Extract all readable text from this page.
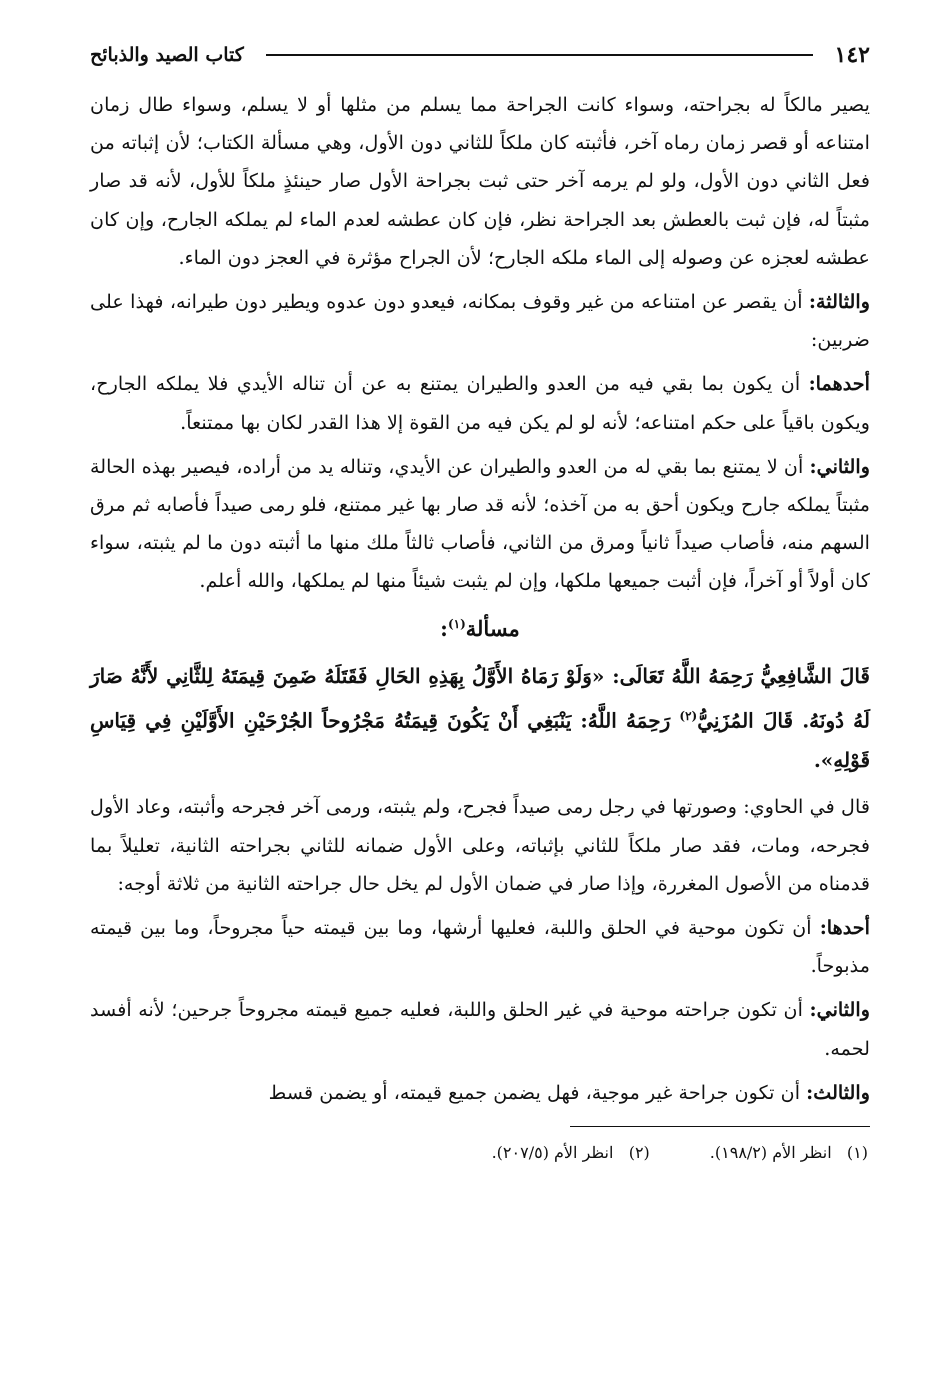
١٤٢
كتاب الصيد والذبائح

يصير مالكاً له بجراحته، وسواء كانت الجراحة مما يسلم من مثلها أو لا يسلم، وسواء طال زمان امتناعه أو قصر زمان رماه آخر، فأثبته كان ملكاً للثاني دون الأول، وهي مسألة الكتاب؛ لأن إثباته من فعل الثاني دون الأول، ولو لم يرمه آخر حتى ثبت بجراحة الأول صار حينئذٍ ملكاً للأول، لأنه قد صار مثبتاً له، فإن ثبت بالعطش بعد الجراحة نظر، فإن كان عطشه لعدم الماء لم يملكه الجارح، وإن كان عطشه لعجزه عن وصوله إلى الماء ملكه الجارح؛ لأن الجراح مؤثرة في العجز دون الماء.

والثالثة: أن يقصر عن امتناعه من غير وقوف بمكانه، فيعدو دون عدوه ويطير دون طيرانه، فهذا على ضربين:

أحدهما: أن يكون بما بقي فيه من العدو والطيران يمتنع به عن أن تناله الأيدي فلا يملكه الجارح، ويكون باقياً على حكم امتناعه؛ لأنه لو لم يكن فيه من القوة إلا هذا القدر لكان بها ممتنعاً.

والثاني: أن لا يمتنع بما بقي له من العدو والطيران عن الأيدي، وتناله يد من أراده، فيصير بهذه الحالة مثبتاً يملكه جارح ويكون أحق به من آخذه؛ لأنه قد صار بها غير ممتنع، فلو رمى صيداً فأصابه ثم مرق السهم منه، فأصاب صيداً ثانياً ومرق من الثاني، فأصاب ثالثاً ملك منها ما أثبته دون ما لم يثبته، سواء كان أولاً أو آخراً، فإن أثبت جميعها ملكها، وإن لم يثبت شيئاً منها لم يملكها، والله أعلم.

مسألة$^{(١)}$:

قَالَ الشَّافِعِيُّ رَحِمَهُ اللَّهُ تَعَالَى: «وَلَوْ رَمَاهُ الأَوَّلُ بِهَذِهِ الحَالِ فَقَتَلَهُ ضَمِنَ قِيمَتَهُ لِلثَّانِي لأَنَّهُ صَارَ لَهُ دُونَهُ. قَالَ المُزَنِيُّ$^{(٢)}$ رَحِمَهُ اللَّهُ: يَنْبَغِي أَنْ يَكُونَ قِيمَتُهُ مَجْرُوحاً الجُرْحَيْنِ الأَوَّلَيْنِ فِي قِيَاسِ قَوْلِهِ».

قال في الحاوي: وصورتها في رجل رمى صيداً فجرح، ولم يثبته، ورمى آخر فجرحه وأثبته، وعاد الأول فجرحه، ومات، فقد صار ملكاً للثاني بإثباته، وعلى الأول ضمانه للثاني بجراحته الثانية، تعليلاً بما قدمناه من الأصول المغررة، وإذا صار في ضمان الأول لم يخل حال جراحته الثانية من ثلاثة أوجه:

أحدها: أن تكون موحية في الحلق واللبة، فعليها أرشها، وما بين قيمته حياً مجروحاً، وما بين قيمته مذبوحاً.

والثاني: أن تكون جراحته موحية في غير الحلق واللبة، فعليه جميع قيمته مجروحاً جرحين؛ لأنه أفسد لحمه.

والثالث: أن تكون جراحة غير موجية، فهل يضمن جميع قيمته، أو يضمن قسط

(١)   انظر الأم (١٩٨/٢).
(٢)   انظر الأم (٢٠٧/٥).
